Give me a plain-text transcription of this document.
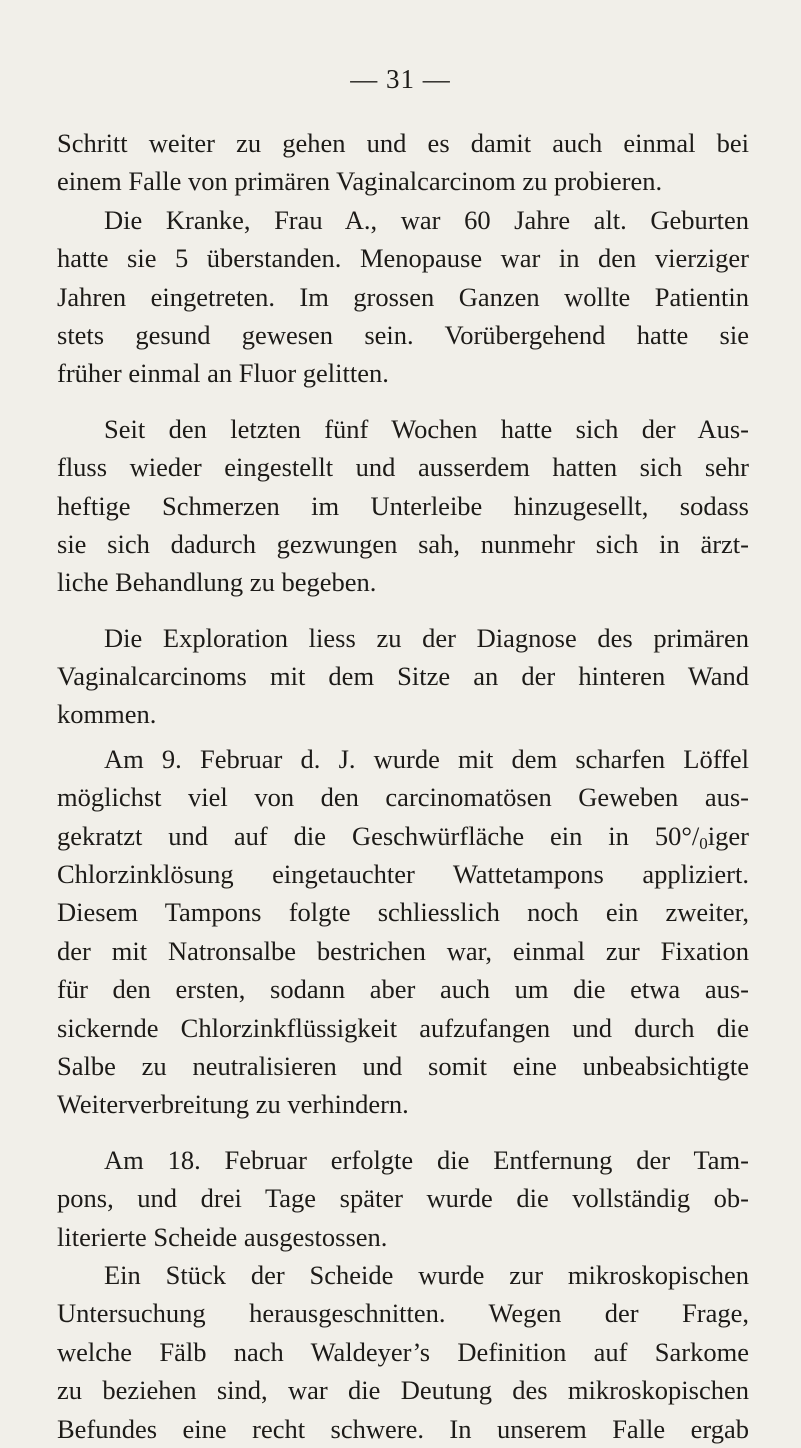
— 31 —
Schritt weiter zu gehen und es damit auch einmal bei
einem Falle von primären Vaginalcarcinom zu probieren.
Die Kranke, Frau A., war 60 Jahre alt. Geburten
hatte sie 5 überstanden. Menopause war in den vierziger
Jahren eingetreten. Im grossen Ganzen wollte Patientin
stets gesund gewesen sein. Vorübergehend hatte sie
früher einmal an Fluor gelitten.
Seit den letzten fünf Wochen hatte sich der Aus-
fluss wieder eingestellt und ausserdem hatten sich sehr
heftige Schmerzen im Unterleibe hinzugesellt, sodass
sie sich dadurch gezwungen sah, nunmehr sich in ärzt-
liche Behandlung zu begeben.
Die Exploration liess zu der Diagnose des primären
Vaginalcarcinoms mit dem Sitze an der hinteren Wand
kommen.
Am 9. Februar d. J. wurde mit dem scharfen Löffel
möglichst viel von den carcinomatösen Geweben aus-
gekratzt und auf die Geschwürfläche ein in $50^\circ/_0iger$
Chlorzinklösung eingetauchter Wattetampons appliziert.
Diesem Tampons folgte schliesslich noch ein zweiter,
der mit Natronsalbe bestrichen war, einmal zur Fixation
für den ersten, sodann aber auch um die etwa aus-
sickernde Chlorzinkflüssigkeit aufzufangen und durch die
Salbe zu neutralisieren und somit eine unbeabsichtigte
Weiterverbreitung zu verhindern.
Am 18. Februar erfolgte die Entfernung der Tam-
pons, und drei Tage später wurde die vollständig ob-
literierte Scheide ausgestossen.
Ein Stück der Scheide wurde zur mikroskopischen
Untersuchung herausgeschnitten. Wegen der Frage,
welche Fälb nach Waldeyer’s Definition auf Sarkome
zu beziehen sind, war die Deutung des mikroskopischen
Befundes eine recht schwere. In unserem Falle ergab
